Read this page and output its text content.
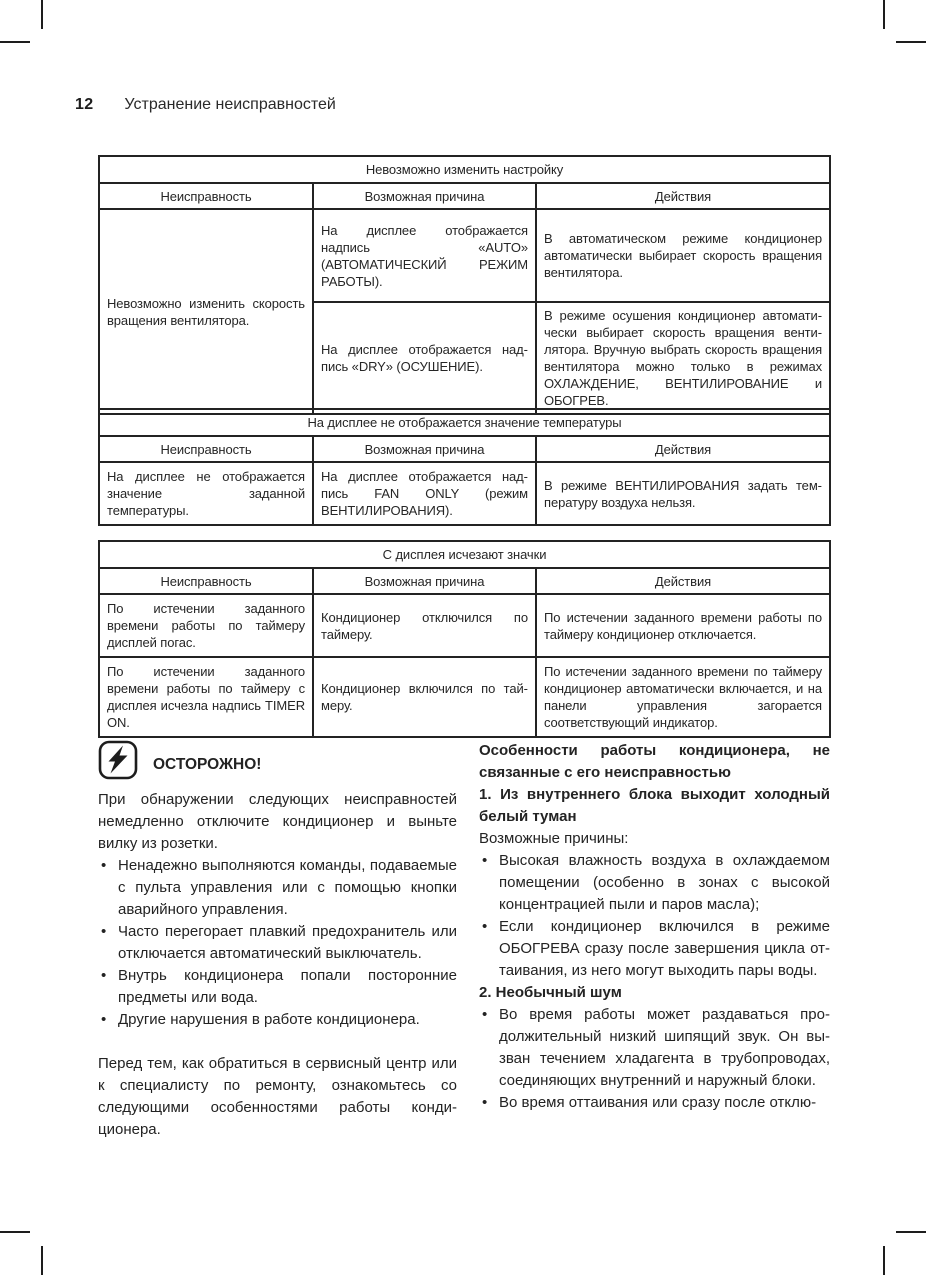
12 Устранение неисправностей
Невозможно изменить настройку		
Неисправность	Возможная причина	Действия
Невозможно изменить скорость вращения вентилятора.	На дисплее отображается надпись «AUTO» (АВТОМАТИЧЕСКИЙ РЕЖИМ РАБОТЫ).	В автоматическом режиме кондиционер автоматически выбирает скорость вращения вентилятора.
	На дисплее отображается надпись «DRY» (ОСУШЕНИЕ).	В режиме осушения кондиционер автоматически выбирает скорость вращения вентилятора. Вручную выбрать скорость вращения вентилятора можно только в режимах ОХЛАЖДЕНИЕ, ВЕНТИЛИРОВАНИЕ и ОБОГРЕВ.
На дисплее не отображается значение температуры		
Неисправность	Возможная причина	Действия
На дисплее не отображается значение заданной температуры.	На дисплее отображается надпись FAN ONLY (режим ВЕНТИЛИРОВАНИЯ).	В режиме ВЕНТИЛИРОВАНИЯ задать температуру воздуха нельзя.
С дисплея исчезают значки		
Неисправность	Возможная причина	Действия
По истечении заданного времени работы по таймеру дисплей погас.	Кондиционер отключился по таймеру.	По истечении заданного времени работы по таймеру кондиционер отключается.
По истечении заданного времени работы по таймеру с дисплея исчезла надпись TIMER ON.	Кондиционер включился по таймеру.	По истечении заданного времени по таймеру кондиционер автоматически включается, и на панели управления загорается соответствующий индикатор.
ОСТОРОЖНО!

При обнаружении следующих неисправностей немедленно отключите кондиционер и выньте вилку из розетки.

• Ненадежно выполняются команды, подаваемые с пульта управления или с помощью кнопки аварийного управления.
• Часто перегорает плавкий предохранитель или отключается автоматический выключатель.
• Внутрь кондиционера попали посторонние предметы или вода.
• Другие нарушения в работе кондиционера.

Перед тем, как обратиться в сервисный центр или к специалисту по ремонту, ознакомьтесь со следующими особенностями работы кондиционера.

Особенности работы кондиционера, не связанные с его неисправностью

1. Из внутреннего блока выходит холодный белый туман

Возможные причины:

• Высокая влажность воздуха в охлаждаемом помещении (особенно в зонах с высокой концентрацией пыли и паров масла);
• Если кондиционер включился в режиме ОБОГРЕВА сразу после завершения цикла оттаивания, из него могут выходить пары воды.

2. Необычный шум

• Во время работы может раздаваться продолжительный низкий шипящий звук. Он вызван течением хладагента в трубопроводах, соединяющих внутренний и наружный блоки.
• Во время оттаивания или сразу после отклю-
